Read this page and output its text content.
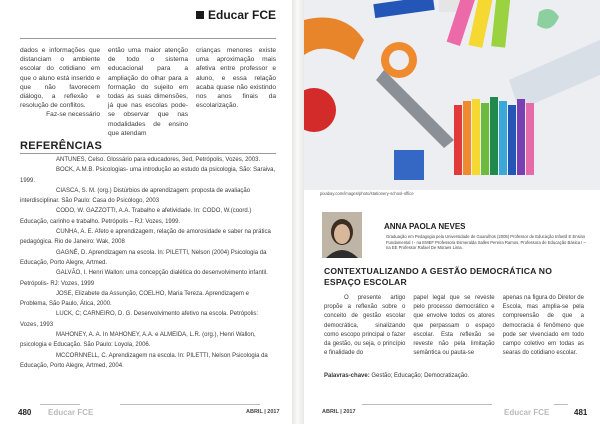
Educar FCE

dados e informações que distanciam o ambiente escolar do cotidiano em que o aluno está inserido e que não favorecem diálogo, a reflexão e resolução de conflitos.

Faz-se necessário

então uma maior atenção de todo o sistema educacional para a ampliação do olhar para a formação do sujeito em todas as suas dimensões, já que nas escolas pode-se observar que nas modalidades de ensino que atendam

crianças menores existe uma aproximação mais afetiva entre professor e aluno, e essa relação acaba quase não existindo nos anos finais da escolarização.

REFERÊNCIAS

ANTUNES, Celso. Glossário para educadores, 3ed, Petrópolis, Vozes, 2003.

BOCK, A.M.B. Psicologias- uma introdução ao estudo da psicologia, São: Saraiva, 1999.

CIASCA, S. M. (org.) Distúrbios de aprendizagem: proposta de avaliação interdisciplinar. São Paulo: Casa do Psicólogo, 2003

CODO, W. GAZZOTTI, A.A. Trabalho e afetividade. In: CODO, W.(coord.) Educação, carinho e trabalho. Petrópolis – RJ: Vozes, 1999.

CUNHA, A. E. Afeto e aprendizagem, relação de amorosidade e saber na prática pedagógica. Rio de Janeiro: Wak, 2008

GAGNÉ, D. Aprendizagem na escola. In: PILETTI, Nelson (2004) Psicologia da Educação, Porto Alegre, Artmed.

GALVÃO, I. Henri Wallon: uma concepção dialética do desenvolvimento infantil. Petrópolis- RJ: Vozes, 1999

JOSE, Elizabete da Assunção, COELHO, Maria Tereza. Aprendizagem e Problema, São Paulo, Ática, 2000.

LUCK, C; CARNEIRO, D. G. Desenvolvimento afetivo na escola. Petrópolis: Vozes, 1993

MAHONEY, A. A. In MAHONEY, A.A. e ALMEIDA, L.R. (org.), Henri Wallon, psicologia e Educação. São Paulo: Loyola, 2006.

MCCORNNELL, C. Aprendizagem na escola. In: PILETTI, Nelson Psicologia da Educação, Porto Alegre, Artmed, 2004.

480 Educar FCE	ABRIL | 2017
pixabay.com/images/photo/stationery-school-office
ANNA PAOLA NEVES
Graduação em Pedagogia pela Universidade de Guarulhos (2005) Professor de Educação Infantil E Ensino Fundamental I - na EMEF Professora Esmeralda Salles Pereira Ramos, Professora de Educação Básica I – na EE Professor Rafael De Moraes Lima.
CONTEXTUALIZANDO A GESTÃO DEMOCRÁTICA NO ESPAÇO ESCOLAR

O presente artigo propõe a reflexão sobre o conceito de gestão escolar democrática, sinalizando como escopo principal o fazer da gestão, ou seja, o princípio e finalidade do

papel legal que se reveste pelo processo democrático e que envolve todos os atores que perpassam o espaço escolar. Esta reflexão se reveste não pela limitação semântica ou pauta-se

apenas na figura do Diretor de Escola, mas amplia-se pela compreensão de que a democracia é fenômeno que pode ser vivenciado em todo campo coletivo em todas as searas do cotidiano escolar.

Palavras-chave: Gestão; Educação; Democratização.
ABRIL | 2017	Educar FCE	481
